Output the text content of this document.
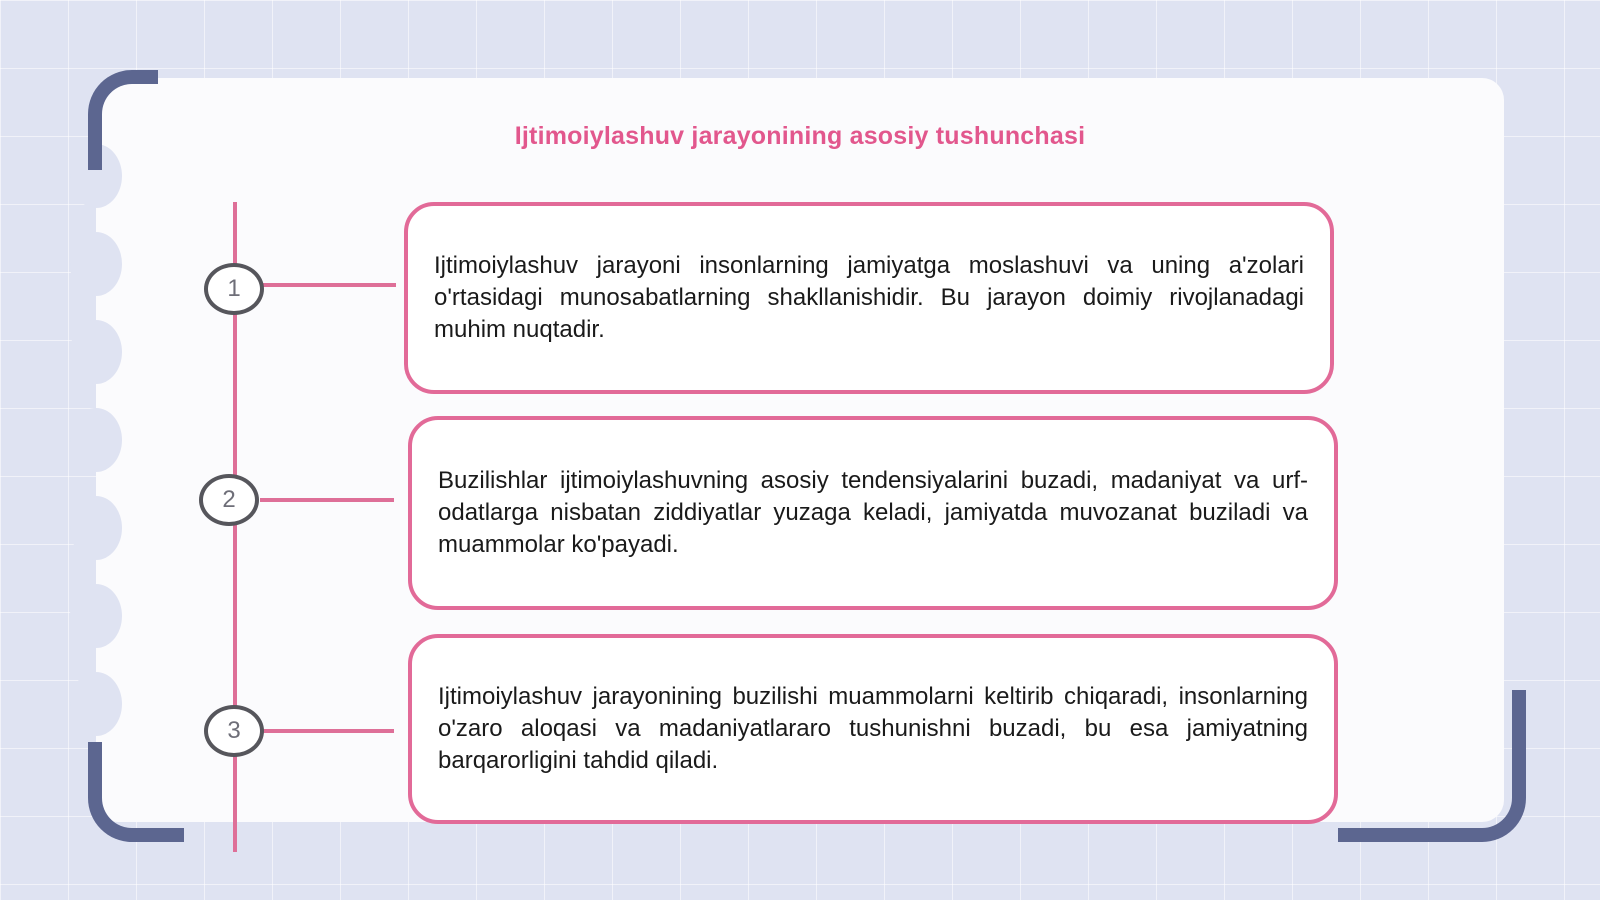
Ijtimoiylashuv jarayonining asosiy tushunchasi
1

Ijtimoiylashuv jarayoni insonlarning jamiyatga moslashuvi va uning a'zolari o'rtasidagi munosabatlarning shakllanishidir. Bu jarayon doimiy rivojlanadagi muhim nuqtadir.

2

Buzilishlar ijtimoiylashuvning asosiy tendensiyalarini buzadi, madaniyat va urf-odatlarga nisbatan ziddiyatlar yuzaga keladi, jamiyatda muvozanat buziladi va muammolar ko'payadi.

3

Ijtimoiylashuv jarayonining buzilishi muammolarni keltirib chiqaradi, insonlarning o'zaro aloqasi va madaniyatlararo tushunishni buzadi, bu esa jamiyatning barqarorligini tahdid qiladi.
